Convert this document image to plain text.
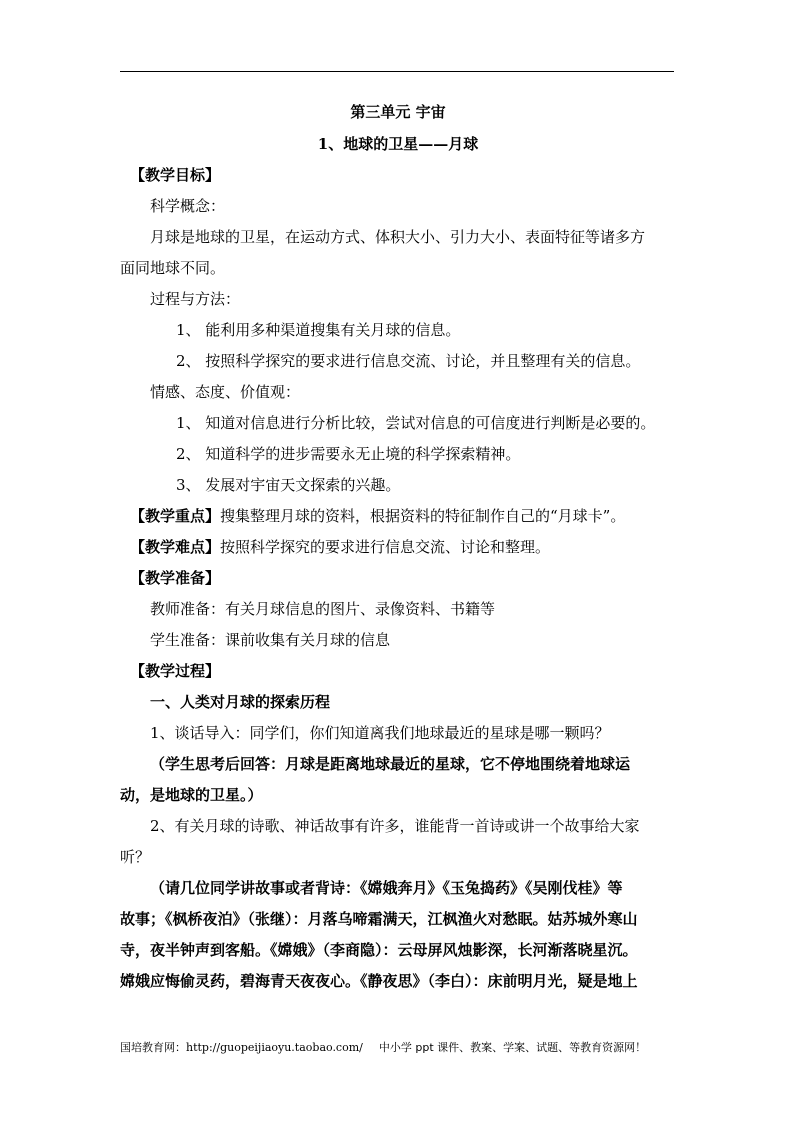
第三单元 宇宙
1、地球的卫星——月球
【教学目标】
科学概念：
月球是地球的卫星，在运动方式、体积大小、引力大小、表面特征等诸多方
面同地球不同。
过程与方法：
1、 能利用多种渠道搜集有关月球的信息。
2、 按照科学探究的要求进行信息交流、讨论，并且整理有关的信息。
情感、态度、价值观：
1、 知道对信息进行分析比较，尝试对信息的可信度进行判断是必要的。
2、 知道科学的进步需要永无止境的科学探索精神。
3、 发展对宇宙天文探索的兴趣。
【教学重点】搜集整理月球的资料，根据资料的特征制作自己的“月球卡”。
【教学难点】按照科学探究的要求进行信息交流、讨论和整理。
【教学准备】
教师准备：有关月球信息的图片、录像资料、书籍等
学生准备：课前收集有关月球的信息
【教学过程】
一、人类对月球的探索历程
1、谈话导入：同学们，你们知道离我们地球最近的星球是哪一颗吗？
（学生思考后回答：月球是距离地球最近的星球，它不停地围绕着地球运
动，是地球的卫星。）
2、有关月球的诗歌、神话故事有许多，谁能背一首诗或讲一个故事给大家
听？
（请几位同学讲故事或者背诗：《嫦娥奔月》《玉兔捣药》《吴刚伐桂》等
故事；《枫桥夜泊》（张继）：月落乌啼霜满天，江枫渔火对愁眠。姑苏城外寒山
寺，夜半钟声到客船。《嫦娥》（李商隐）：云母屏风烛影深，长河渐落晓星沉。
嫦娥应悔偷灵药，碧海青天夜夜心。《静夜思》（李白）：床前明月光，疑是地上
国培教育网：http://guopeijiaoyu.taobao.com/ 中小学 ppt 课件、教案、学案、试题、等教育资源网！
